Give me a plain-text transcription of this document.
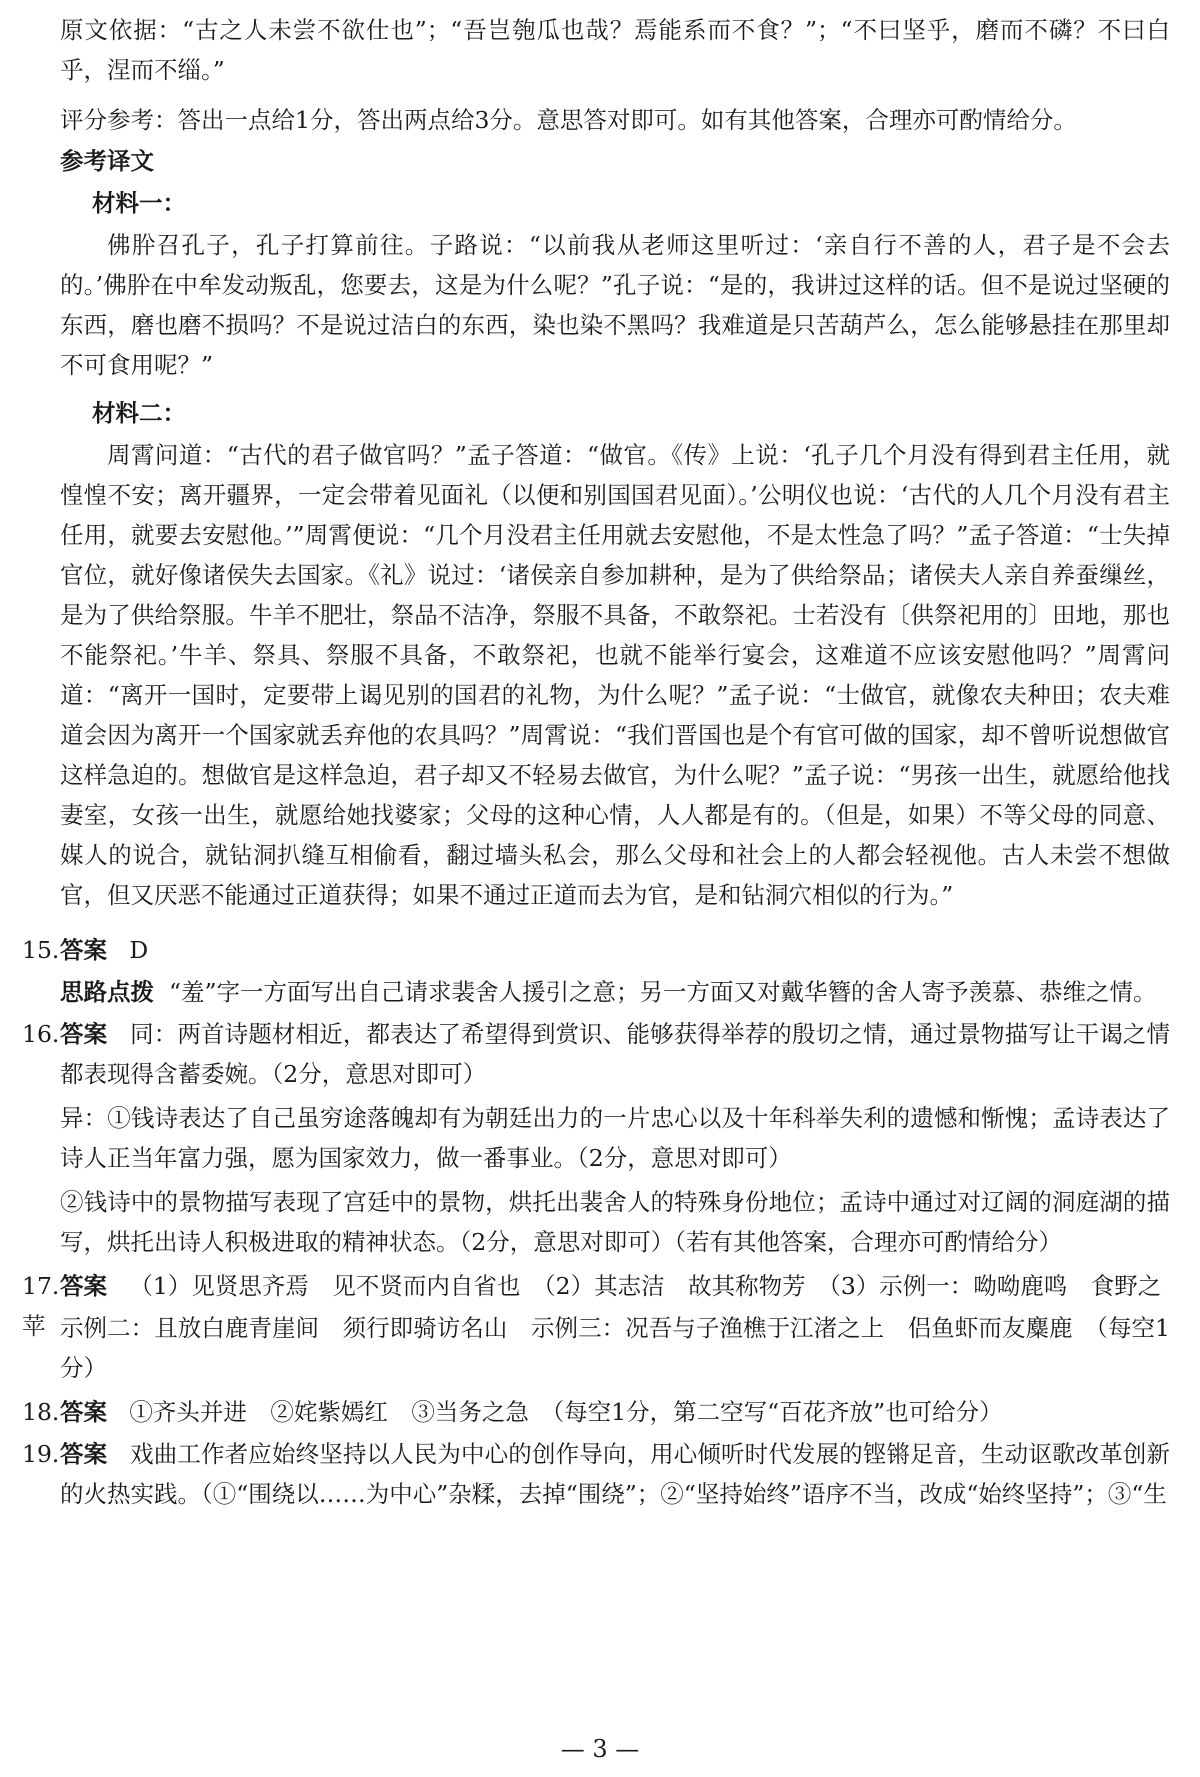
原文依据：“古之人未尝不欲仕也”；“吾岂匏瓜也哉？焉能系而不食？”；“不曰坚乎，磨而不磷？不曰白乎，涅而不缁。”

评分参考：答出一点给1分，答出两点给3分。意思答对即可。如有其他答案，合理亦可酌情给分。

参考译文

材料一：

佛肸召孔子，孔子打算前往。子路说：“以前我从老师这里听过：‘亲自行不善的人，君子是不会去的。’佛肸在中牟发动叛乱，您要去，这是为什么呢？”孔子说：“是的，我讲过这样的话。但不是说过坚硬的东西，磨也磨不损吗？不是说过洁白的东西，染也染不黑吗？我难道是只苦葫芦么，怎么能够悬挂在那里却不可食用呢？”

材料二：

周霄问道：“古代的君子做官吗？”孟子答道：“做官。《传》上说：‘孔子几个月没有得到君主任用，就惶惶不安；离开疆界，一定会带着见面礼（以便和别国国君见面）。’公明仪也说：‘古代的人几个月没有君主任用，就要去安慰他。’”周霄便说：“几个月没君主任用就去安慰他，不是太性急了吗？”孟子答道：“士失掉官位，就好像诸侯失去国家。《礼》说过：‘诸侯亲自参加耕种，是为了供给祭品；诸侯夫人亲自养蚕缫丝，是为了供给祭服。牛羊不肥壮，祭品不洁净，祭服不具备，不敢祭祀。士若没有〔供祭祀用的〕田地，那也不能祭祀。’牛羊、祭具、祭服不具备，不敢祭祀，也就不能举行宴会，这难道不应该安慰他吗？”周霄问道：“离开一国时，定要带上谒见别的国君的礼物，为什么呢？”孟子说：“士做官，就像农夫种田；农夫难道会因为离开一个国家就丢弃他的农具吗？”周霄说：“我们晋国也是个有官可做的国家，却不曾听说想做官这样急迫的。想做官是这样急迫，君子却又不轻易去做官，为什么呢？”孟子说：“男孩一出生，就愿给他找妻室，女孩一出生，就愿给她找婆家；父母的这种心情，人人都是有的。（但是，如果）不等父母的同意、媒人的说合，就钻洞扒缝互相偷看，翻过墙头私会，那么父母和社会上的人都会轻视他。古人未尝不想做官，但又厌恶不能通过正道获得；如果不通过正道而去为官，是和钻洞穴相似的行为。”

15.答案 D

思路点拨 “羞”字一方面写出自己请求裴舍人援引之意；另一方面又对戴华簪的舍人寄予羡慕、恭维之情。

16. 答案 同：两首诗题材相近，都表达了希望得到赏识、能够获得举荐的殷切之情，通过景物描写让干谒之情都表现得含蓄委婉。（2分，意思对即可）

异：①钱诗表达了自己虽穷途落魄却有为朝廷出力的一片忠心以及十年科举失利的遗憾和惭愧；孟诗表达了诗人正当年富力强，愿为国家效力，做一番事业。（2分，意思对即可）

②钱诗中的景物描写表现了宫廷中的景物，烘托出裴舍人的特殊身份地位；孟诗中通过对辽阔的洞庭湖的描写，烘托出诗人积极进取的精神状态。（2分，意思对即可）（若有其他答案，合理亦可酌情给分）

17.答案 （1）见贤思齐焉　见不贤而内自省也　（2）其志洁　故其称物芳　（3）示例一：呦呦鹿鸣　食野之苹 示例二：且放白鹿青崖间　须行即骑访名山　示例三：况吾与子渔樵于江渚之上　侣鱼虾而友麋鹿　（每空1分）

18.答案 ①齐头并进　②姹紫嫣红　③当务之急　（每空1分，第二空写“百花齐放”也可给分）
19. 答案 戏曲工作者应始终坚持以人民为中心的创作导向，用心倾听时代发展的铿锵足音，生动讴歌改革创新的火热实践。（①“围绕以……为中心”杂糅，去掉“围绕”；②“坚持始终”语序不当，改成“始终坚持”；③“生
— 3 —
